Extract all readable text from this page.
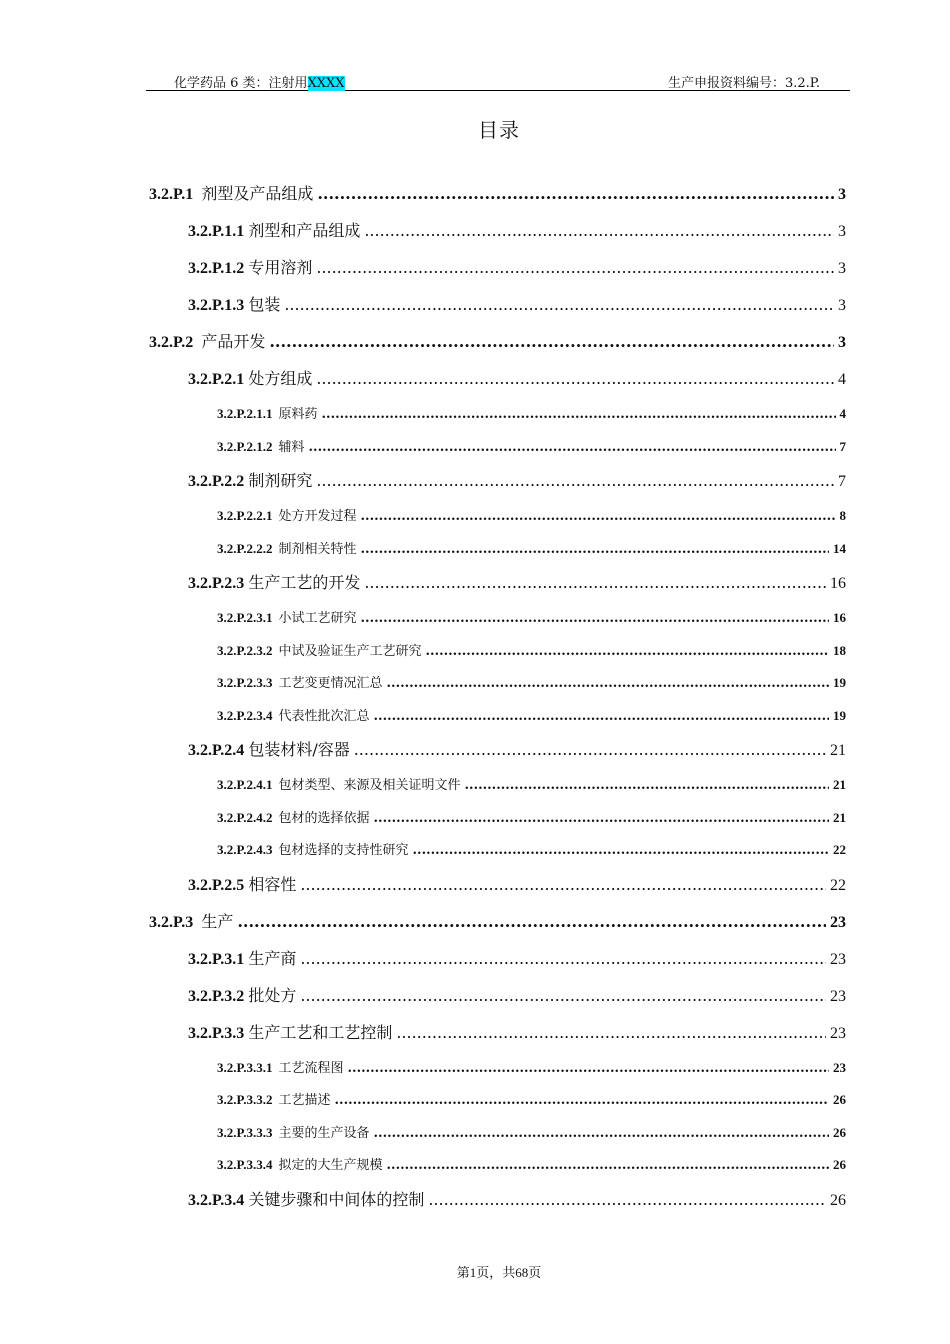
化学药品 6 类：注射用XXXX	生产申报资料编号：3.2.P.
目录
3.2.P.1 剂型及产品组成 .....	3
3.2.P.1.1 剂型和产品组成 .....	3
3.2.P.1.2 专用溶剂 .....	3
3.2.P.1.3 包装 .....	3
3.2.P.2 产品开发 .....	3
3.2.P.2.1 处方组成 .....	4
3.2.P.2.1.1 原料药 .....	4
3.2.P.2.1.2 辅料 .....	7
3.2.P.2.2 制剂研究 .....	7
3.2.P.2.2.1 处方开发过程 .....	8
3.2.P.2.2.2 制剂相关特性 .....	14
3.2.P.2.3 生产工艺的开发 .....	16
3.2.P.2.3.1 小试工艺研究 .....	16
3.2.P.2.3.2 中试及验证生产工艺研究 .....	18
3.2.P.2.3.3 工艺变更情况汇总 .....	19
3.2.P.2.3.4 代表性批次汇总 .....	19
3.2.P.2.4 包装材料/容器 .....	21
3.2.P.2.4.1 包材类型、来源及相关证明文件 .....	21
3.2.P.2.4.2 包材的选择依据 .....	21
3.2.P.2.4.3 包材选择的支持性研究 .....	22
3.2.P.2.5 相容性 .....	22
3.2.P.3 生产 .....	23
3.2.P.3.1 生产商 .....	23
3.2.P.3.2 批处方 .....	23
3.2.P.3.3 生产工艺和工艺控制 .....	23
3.2.P.3.3.1 工艺流程图 .....	23
3.2.P.3.3.2 工艺描述 .....	26
3.2.P.3.3.3 主要的生产设备 .....	26
3.2.P.3.3.4 拟定的大生产规模 .....	26
3.2.P.3.4 关键步骤和中间体的控制 .....	26
第1页，共68页
